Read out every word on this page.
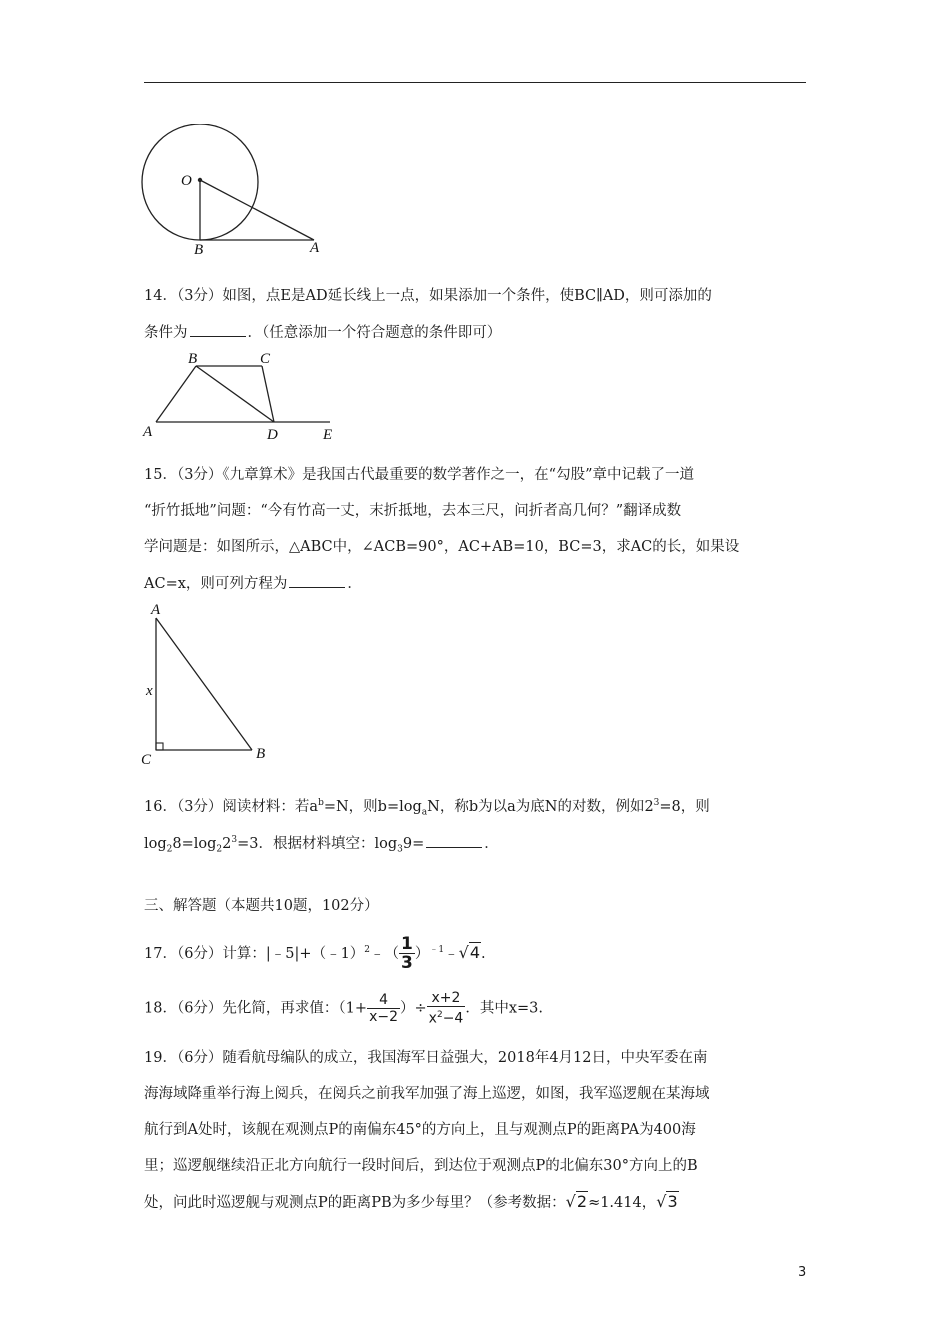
O
B	A
14．（3分）如图，点E是AD延长线上一点，如果添加一个条件，使BC∥AD，则可添加的
条件为	．（任意添加一个符合题意的条件即可）
B	C
A	D	E
15．（3分）《九章算术》是我国古代最重要的数学著作之一，在“勾股”章中记载了一道
“折竹抵地”问题：“今有竹高一丈，末折抵地，去本三尺，问折者高几何？”翻译成数
学问题是：如图所示，△ABC中，∠ACB=90°，AC+AB=10，BC=3，求AC的长，如果设
AC=x，则可列方程为	．
A
x
C	B
16．（3分）阅读材料：若$a^b=N$，则$b=\log_aN$，称b为以a为底N的对数，例如$2^3=8$，则
$\log_28=\log_22^3=3$．根据材料填空：$\log_39=$	．
三、解答题（本题共10题，102分）
17．（6分）计算：|﹣5|+（﹣1）$^2$﹣（ $\frac{1}{3}$ ）$^{﹣1}$﹣√4.
18．（6分）先化简，再求值：（$1+ \frac{4}{x-2}$ ）÷ $\frac{x+2}{x^2-4}$ ．其中x=3.
19．（6分）随看航母编队的成立，我国海军日益强大，2018年4月12日，中央军委在南
海海域降重举行海上阅兵，在阅兵之前我军加强了海上巡逻，如图，我军巡逻舰在某海域
航行到A处时，该舰在观测点P的南偏东45°的方向上，且与观测点P的距离PA为400海
里；巡逻舰继续沿正北方向航行一段时间后，到达位于观测点P的北偏东30°方向上的B
处，问此时巡逻舰与观测点P的距离PB为多少每里？（参考数据：√2≈1.414，√3
3
